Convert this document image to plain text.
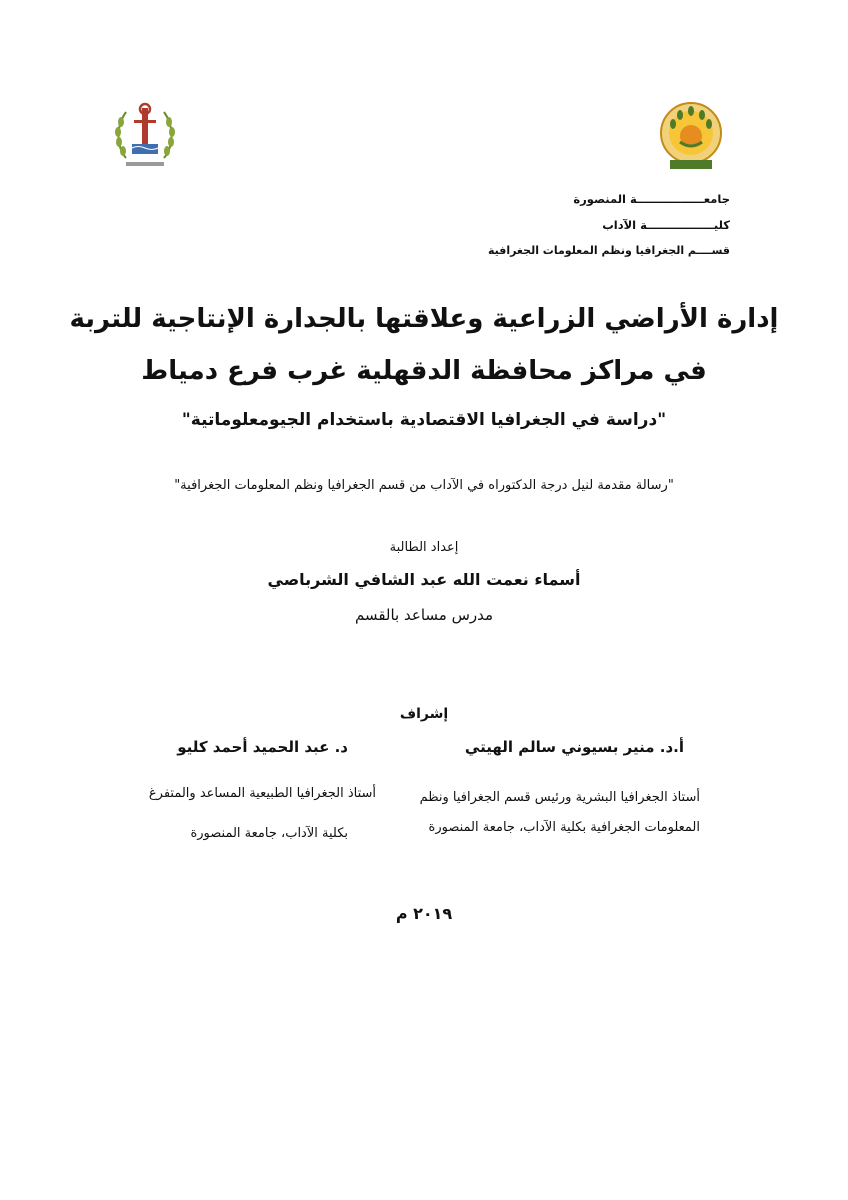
جامعـــــــــــــــــة المنصورة
كليـــــــــــــــــة الآداب
قســــم الجغرافيا ونظم المعلومات الجغرافية
إدارة الأراضي الزراعية وعلاقتها بالجدارة الإنتاجية للتربة
في مراكز محافظة الدقهلية غرب فرع دمياط
"دراسة في الجغرافيا الاقتصادية باستخدام الجيومعلوماتية"
"رسالة مقدمة لنيل درجة الدكتوراه في الآداب من قسم الجغرافيا ونظم المعلومات الجغرافية"
إعداد الطالبة
أسماء نعمت الله عبد الشافي الشرباصي
مدرس مساعد بالقسم
إشراف
أ.د. منير بسيوني سالم الهيتي
أستاذ الجغرافيا البشرية ورئيس قسم الجغرافيا ونظم
المعلومات الجغرافية بكلية الآداب، جامعة المنصورة
د. عبد الحميد أحمد كليو
أستاذ الجغرافيا الطبيعية المساعد والمتفرغ
بكلية الآداب، جامعة المنصورة
٢٠١٩ م
